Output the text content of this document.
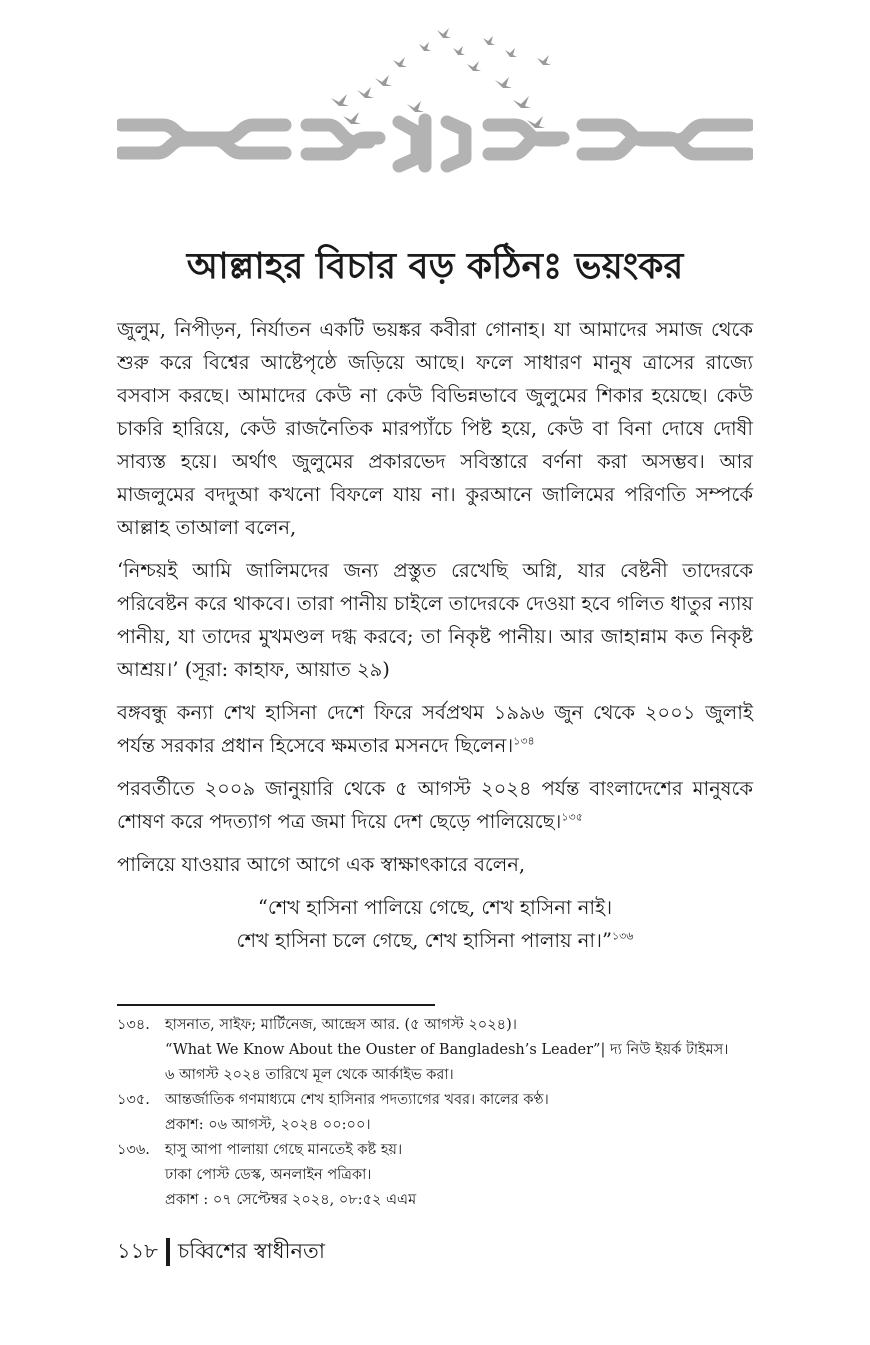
আল্লাহর বিচার বড় কঠিনঃ ভয়ংকর

জুলুম, নিপীড়ন, নির্যাতন একটি ভয়ঙ্কর কবীরা গোনাহ। যা আমাদের সমাজ থেকে শুরু করে বিশ্বের আষ্টেপৃষ্ঠে জড়িয়ে আছে। ফলে সাধারণ মানুষ ত্রাসের রাজ্যে বসবাস করছে। আমাদের কেউ না কেউ বিভিন্নভাবে জুলুমের শিকার হয়েছে। কেউ চাকরি হারিয়ে, কেউ রাজনৈতিক মারপ্যাঁচে পিষ্ট হয়ে, কেউ বা বিনা দোষে দোষী সাব্যস্ত হয়ে। অর্থাৎ জুলুমের প্রকারভেদ সবিস্তারে বর্ণনা করা অসম্ভব। আর মাজলুমের বদদুআ কখনো বিফলে যায় না। কুরআনে জালিমের পরিণতি সম্পর্কে আল্লাহ তাআলা বলেন,

‘নিশ্চয়ই আমি জালিমদের জন্য প্রস্তুত রেখেছি অগ্নি, যার বেষ্টনী তাদেরকে পরিবেষ্টন করে থাকবে। তারা পানীয় চাইলে তাদেরকে দেওয়া হবে গলিত ধাতুর ন্যায় পানীয়, যা তাদের মুখমণ্ডল দগ্ধ করবে; তা নিকৃষ্ট পানীয়। আর জাহান্নাম কত নিকৃষ্ট আশ্রয়।’ (সূরা: কাহাফ, আয়াত ২৯)

বঙ্গবন্ধু কন্যা শেখ হাসিনা দেশে ফিরে সর্বপ্রথম ১৯৯৬ জুন থেকে ২০০১ জুলাই পর্যন্ত সরকার প্রধান হিসেবে ক্ষমতার মসনদে ছিলেন।$^{১৩৪}$

পরবর্তীতে ২০০৯ জানুয়ারি থেকে ৫ আগস্ট ২০২৪ পর্যন্ত বাংলাদেশের মানুষকে শোষণ করে পদত্যাগ পত্র জমা দিয়ে দেশ ছেড়ে পালিয়েছে।$^{১৩৫}$

পালিয়ে যাওয়ার আগে আগে এক স্বাক্ষাৎকারে বলেন,

“শেখ হাসিনা পালিয়ে গেছে, শেখ হাসিনা নাই।
শেখ হাসিনা চলে গেছে, শেখ হাসিনা পালায় না।”$^{১৩৬}$
১৩৪.	হাসনাত, সাইফ; মার্টিনেজ, আন্দ্রেস আর. (৫ আগস্ট ২০২৪)।
“What We Know About the Ouster of Bangladesh’s Leader”| দ্য নিউ ইয়র্ক টাইমস।
৬ আগস্ট ২০২৪ তারিখে মূল থেকে আর্কাইভ করা।
১৩৫.	আন্তর্জাতিক গণমাধ্যমে শেখ হাসিনার পদত্যাগের খবর। কালের কণ্ঠ।
প্রকাশ: ০৬ আগস্ট, ২০২৪ ০০:০০।
১৩৬.	হাসু আপা পালায়া গেছে মানতেই কষ্ট হয়।
ঢাকা পোস্ট ডেস্ক, অনলাইন পত্রিকা।
প্রকাশ : ০৭ সেপ্টেম্বর ২০২৪, ০৮:৫২ এএম
১১৮ চব্বিশের স্বাধীনতা
